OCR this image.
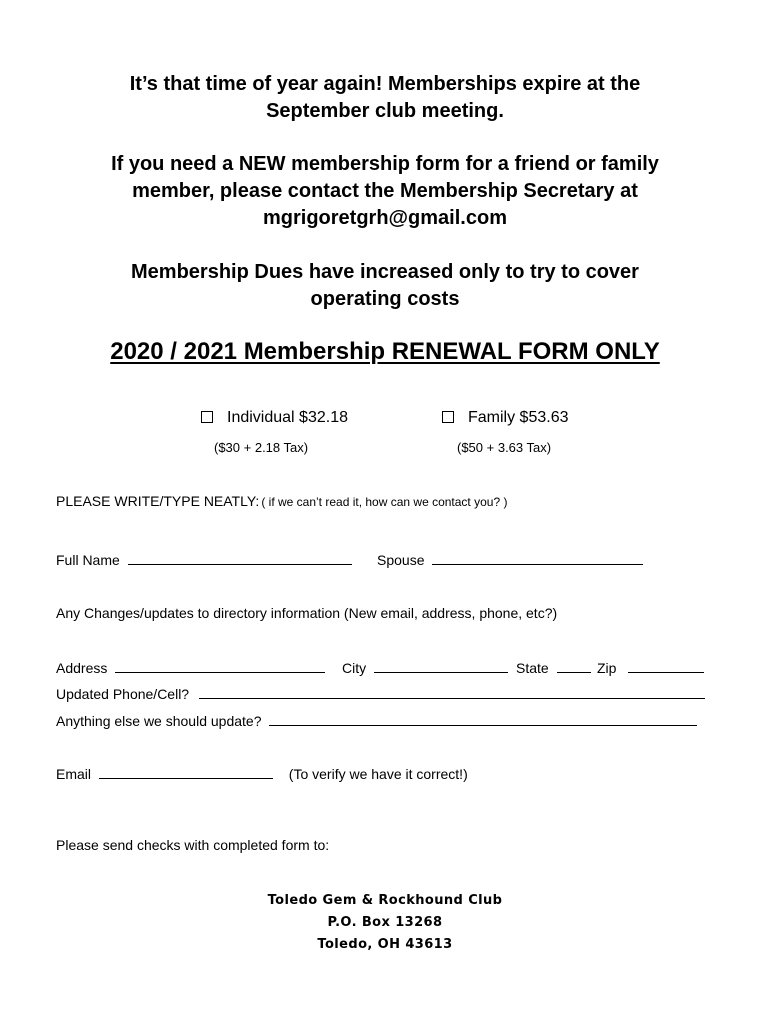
It’s that time of year again! Memberships expire at the
September club meeting.
If you need a NEW membership form for a friend or family
member, please contact the Membership Secretary at
mgrigoretgrh@gmail.com
Membership Dues have increased only to try to cover
operating costs
2020 / 2021 Membership RENEWAL FORM ONLY
Individual $32.18
($30 + 2.18 Tax)
Family $53.63
($50 + 3.63 Tax)
PLEASE WRITE/TYPE NEATLY: ( if we can’t read it, how can we contact you? )
Full Name	Spouse
Any Changes/updates to directory information (New email, address, phone, etc?)
Address	City	State	Zip
Updated Phone/Cell?
Anything else we should update?
Email	(To verify we have it correct!)
Please send checks with completed form to:
Toledo Gem & Rockhound Club
P.O. Box 13268
Toledo, OH 43613
